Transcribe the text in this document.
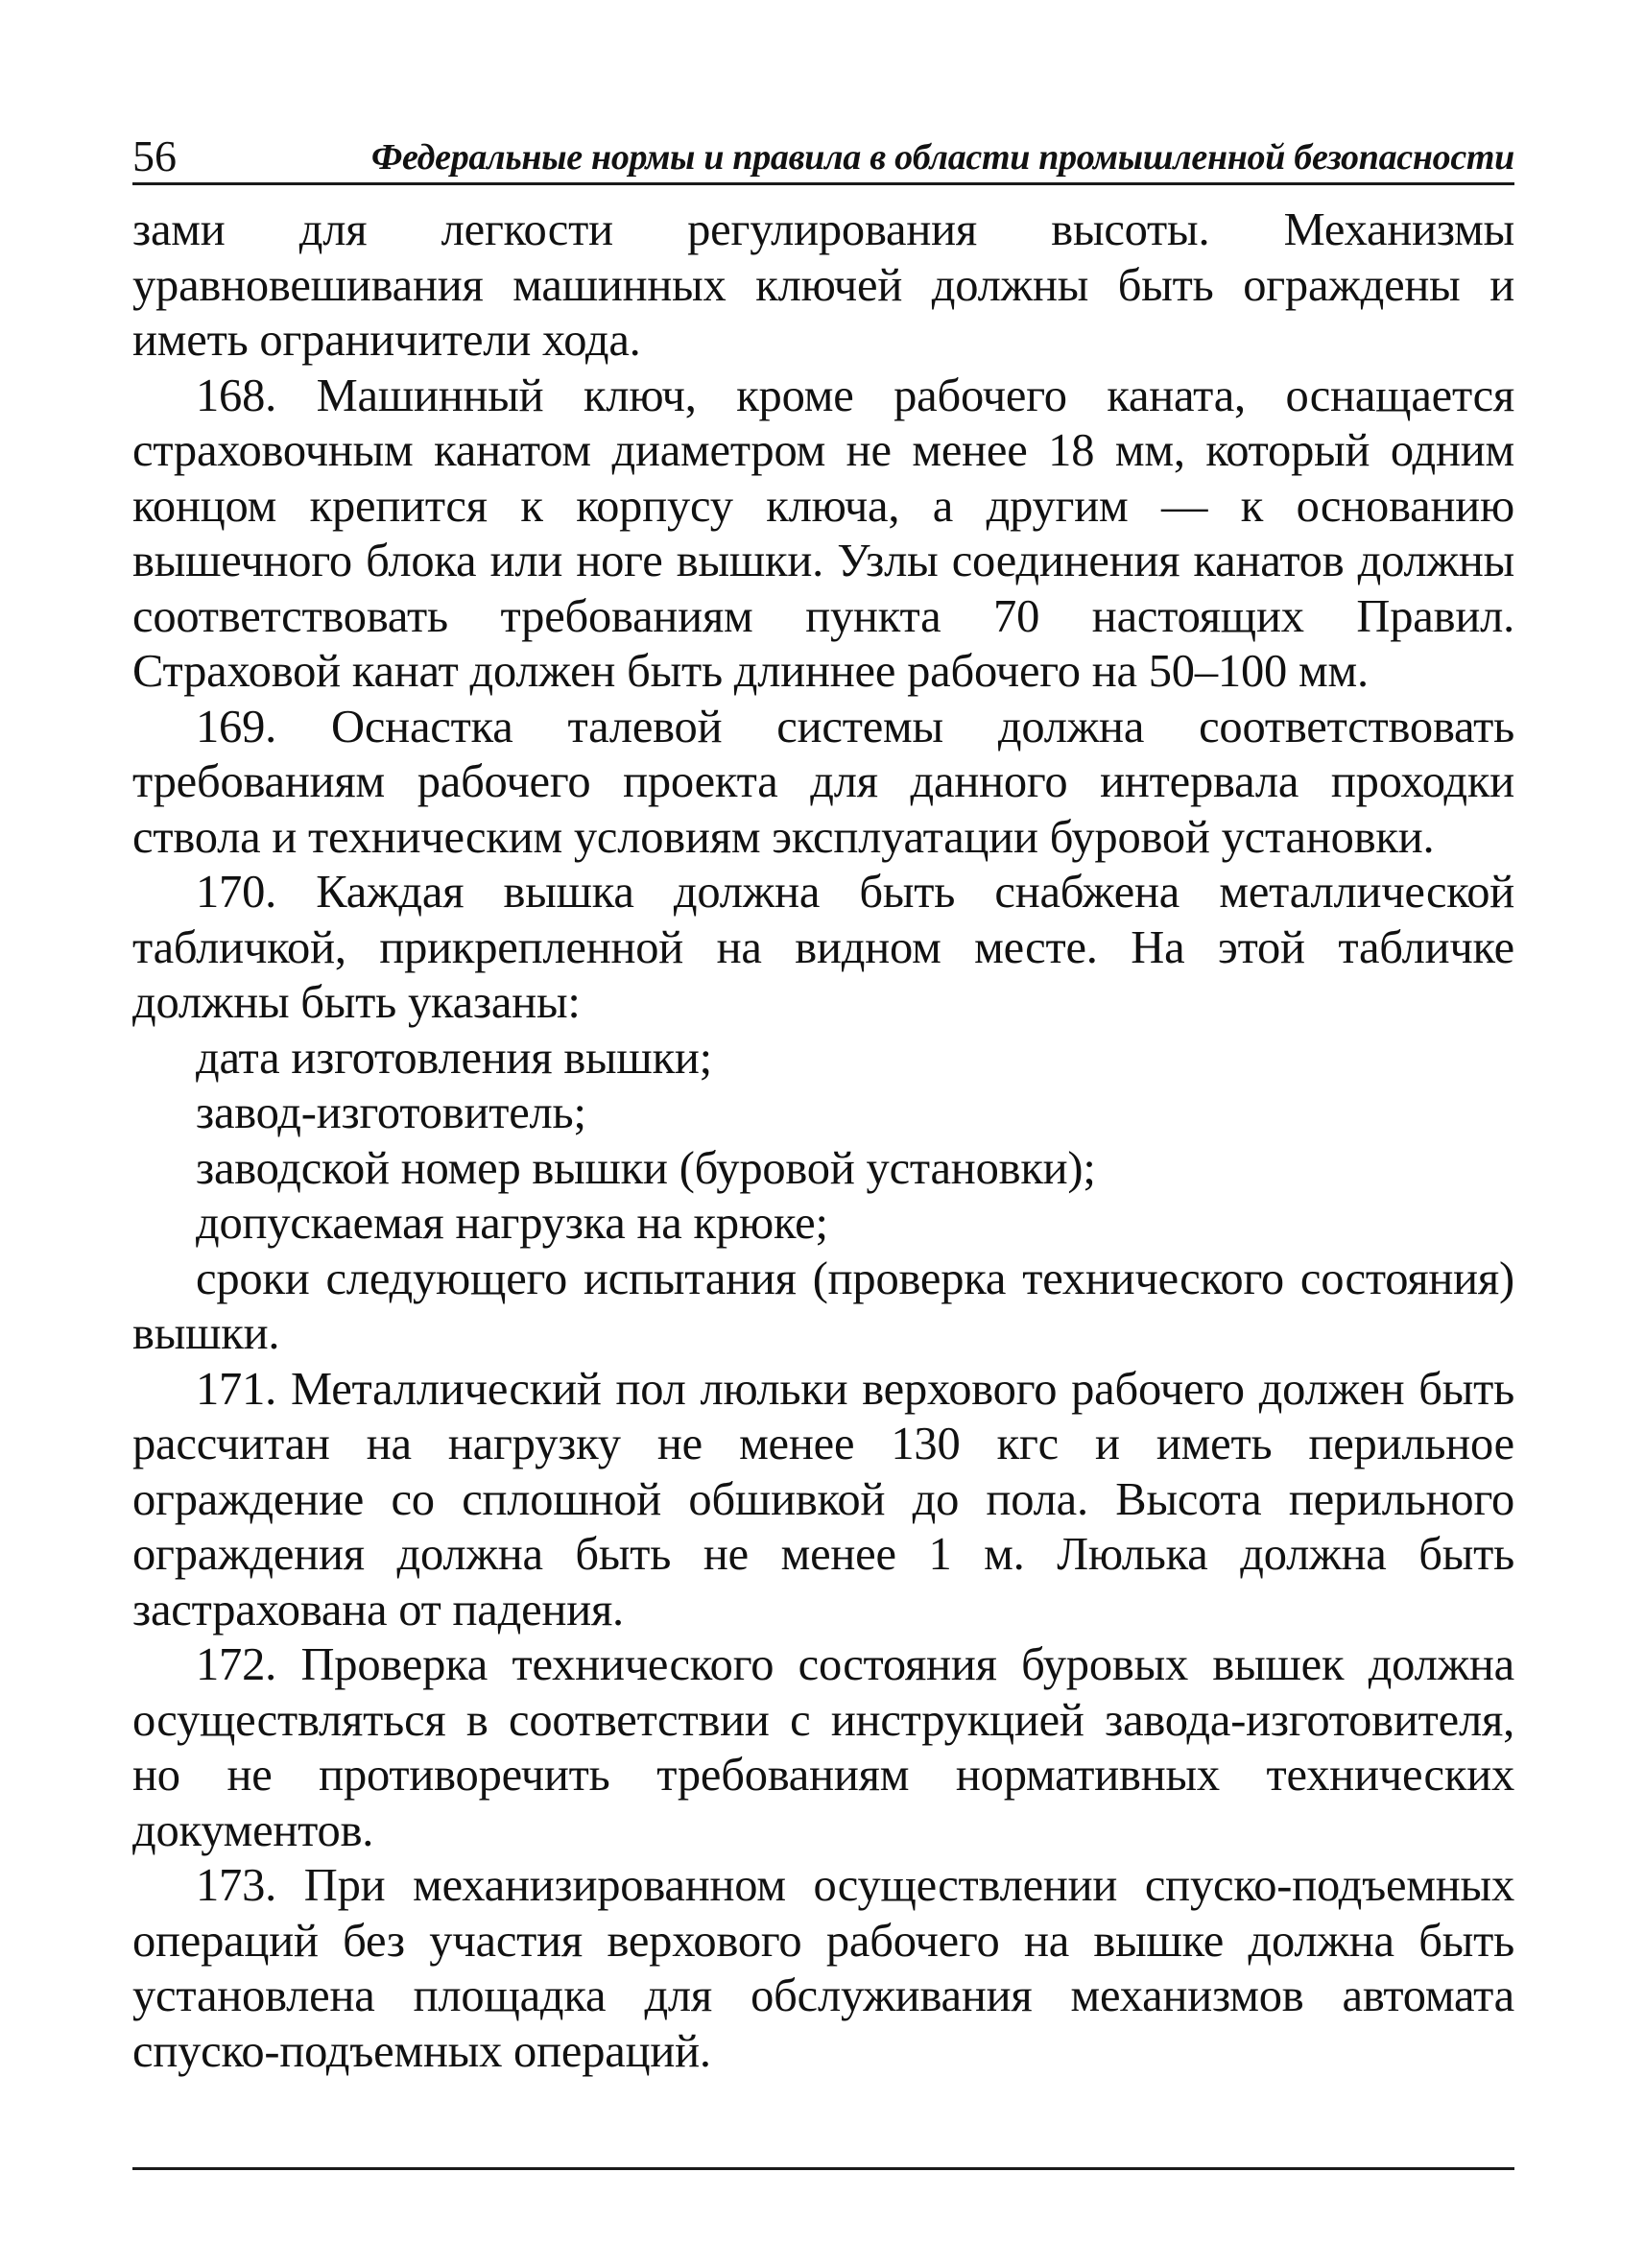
56	Федеральные нормы и правила в области промышленной безопасности

зами для легкости регулирования высоты. Механизмы уравновешивания машинных ключей должны быть ограждены и иметь ограничители хода.

168. Машинный ключ, кроме рабочего каната, оснащается страховочным канатом диаметром не менее 18 мм, который одним концом крепится к корпусу ключа, а другим — к основанию вышечного блока или ноге вышки. Узлы соединения канатов должны соответствовать требованиям пункта 70 настоящих Правил. Страховой канат должен быть длиннее рабочего на 50–100 мм.

169. Оснастка талевой системы должна соответствовать требованиям рабочего проекта для данного интервала проходки ствола и техническим условиям эксплуатации буровой установки.

170. Каждая вышка должна быть снабжена металлической табличкой, прикрепленной на видном месте. На этой табличке должны быть указаны:

дата изготовления вышки;

завод-изготовитель;

заводской номер вышки (буровой установки);

допускаемая нагрузка на крюке;

сроки следующего испытания (проверка технического состояния) вышки.

171. Металлический пол люльки верхового рабочего должен быть рассчитан на нагрузку не менее 130 кгс и иметь перильное ограждение со сплошной обшивкой до пола. Высота перильного ограждения должна быть не менее 1 м. Люлька должна быть застрахована от падения.

172. Проверка технического состояния буровых вышек должна осуществляться в соответствии с инструкцией завода-изготовителя, но не противоречить требованиям нормативных технических документов.

173. При механизированном осуществлении спуско-подъемных операций без участия верхового рабочего на вышке должна быть установлена площадка для обслуживания механизмов автомата спуско-подъемных операций.
